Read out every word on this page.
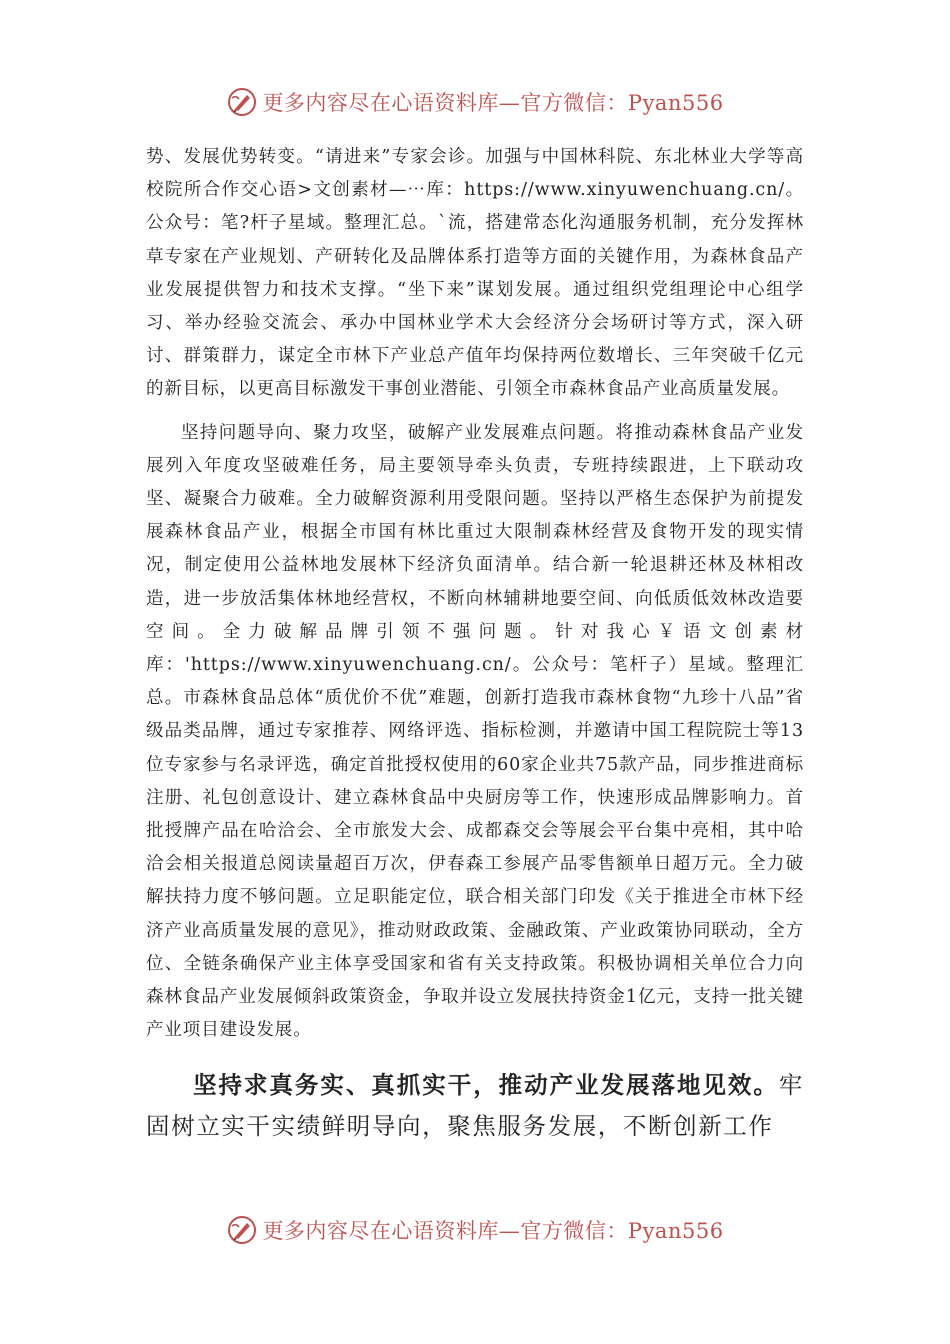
更多内容尽在心语资料库—官方微信：Pyan556

势、发展优势转变。“请进来”专家会诊。加强与中国林科院、东北林业大学等高校院所合作交心语>文创素材—⋯库：https://www.xinyuwenchuang.cn/。公众号：笔?杆子星域。整理汇总。`流，搭建常态化沟通服务机制，充分发挥林草专家在产业规划、产研转化及品牌体系打造等方面的关键作用，为森林食品产业发展提供智力和技术支撑。“坐下来”谋划发展。通过组织党组理论中心组学习、举办经验交流会、承办中国林业学术大会经济分会场研讨等方式，深入研讨、群策群力，谋定全市林下产业总产值年均保持两位数增长、三年突破千亿元的新目标，以更高目标激发干事创业潜能、引领全市森林食品产业高质量发展。

坚持问题导向、聚力攻坚，破解产业发展难点问题。将推动森林食品产业发展列入年度攻坚破难任务，局主要领导牵头负责，专班持续跟进，上下联动攻坚、凝聚合力破难。全力破解资源利用受限问题。坚持以严格生态保护为前提发展森林食品产业，根据全市国有林比重过大限制森林经营及食物开发的现实情况，制定使用公益林地发展林下经济负面清单。结合新一轮退耕还林及林相改造，进一步放活集体林地经营权，不断向林辅耕地要空间、向低质低效林改造要空间。全力破解品牌引领不强问题。针对我心￥语文创素材库：'https://www.xinyuwenchuang.cn/。公众号：笔杆子）星域。整理汇总。市森林食品总体“质优价不优”难题，创新打造我市森林食物“九珍十八品”省级品类品牌，通过专家推荐、网络评选、指标检测，并邀请中国工程院院士等13位专家参与名录评选，确定首批授权使用的60家企业共75款产品，同步推进商标注册、礼包创意设计、建立森林食品中央厨房等工作，快速形成品牌影响力。首批授牌产品在哈洽会、全市旅发大会、成都森交会等展会平台集中亮相，其中哈洽会相关报道总阅读量超百万次，伊春森工参展产品零售额单日超万元。全力破解扶持力度不够问题。立足职能定位，联合相关部门印发《关于推进全市林下经济产业高质量发展的意见》，推动财政政策、金融政策、产业政策协同联动，全方位、全链条确保产业主体享受国家和省有关支持政策。积极协调相关单位合力向森林食品产业发展倾斜政策资金，争取并设立发展扶持资金1亿元，支持一批关键产业项目建设发展。

坚持求真务实、真抓实干，推动产业发展落地见效。牢固树立实干实绩鲜明导向，聚焦服务发展，不断创新工作

更多内容尽在心语资料库—官方微信：Pyan556
